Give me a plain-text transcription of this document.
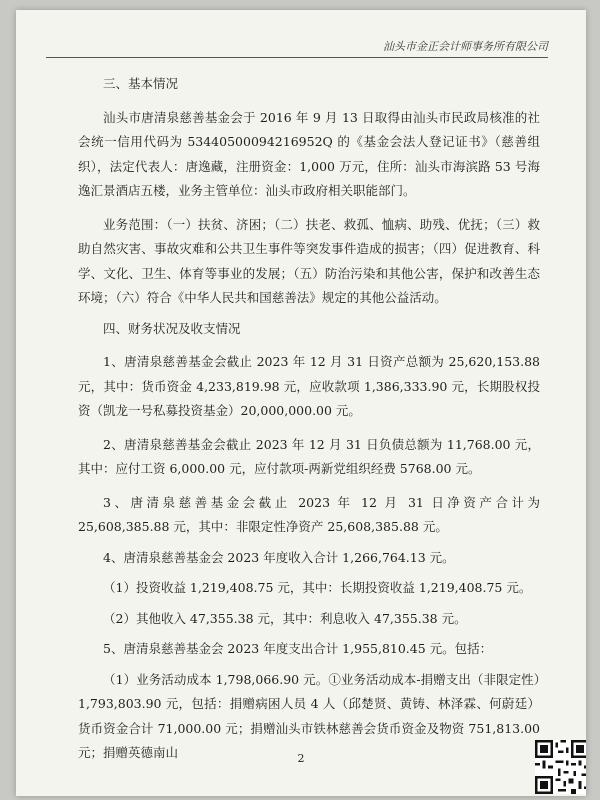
汕头市金正会计师事务所有限公司

三、基本情况

汕头市唐清泉慈善基金会于 2016 年 9 月 13 日取得由汕头市民政局核准的社会统一信用代码为 53440500094216952Q 的《基金会法人登记证书》（慈善组织），法定代表人：唐逸藏，注册资金：1,000 万元，住所：汕头市海滨路 53 号海逸汇景酒店五楼，业务主管单位：汕头市政府相关职能部门。

业务范围：（一）扶贫、济困；（二）扶老、救孤、恤病、助残、优抚；（三）救助自然灾害、事故灾难和公共卫生事件等突发事件造成的损害；（四）促进教育、科学、文化、卫生、体育等事业的发展；（五）防治污染和其他公害，保护和改善生态环境；（六）符合《中华人民共和国慈善法》规定的其他公益活动。

四、财务状况及收支情况

1、唐清泉慈善基金会截止 2023 年 12 月 31 日资产总额为 25,620,153.88 元，其中：货币资金 4,233,819.98 元，应收款项 1,386,333.90 元，长期股权投资（凯龙一号私募投资基金）20,000,000.00 元。

2、唐清泉慈善基金会截止 2023 年 12 月 31 日负债总额为 11,768.00 元，其中：应付工资 6,000.00 元，应付款项-两新党组织经费 5768.00 元。

3、唐清泉慈善基金会截止 2023 年 12 月 31 日净资产合计为 25,608,385.88 元，其中：非限定性净资产 25,608,385.88 元。

4、唐清泉慈善基金会 2023 年度收入合计 1,266,764.13 元。

（1）投资收益 1,219,408.75 元，其中：长期投资收益 1,219,408.75 元。

（2）其他收入 47,355.38 元，其中：利息收入 47,355.38 元。

5、唐清泉慈善基金会 2023 年度支出合计 1,955,810.45 元。包括：

（1）业务活动成本 1,798,066.90 元。①业务活动成本-捐赠支出（非限定性）1,793,803.90 元，包括：捐赠病困人员 4 人（邱楚贤、黄铸、林泽霖、何蔚廷）货币资金合计 71,000.00 元；捐赠汕头市铁林慈善会货币资金及物资 751,813.00 元；捐赠英德南山	2
